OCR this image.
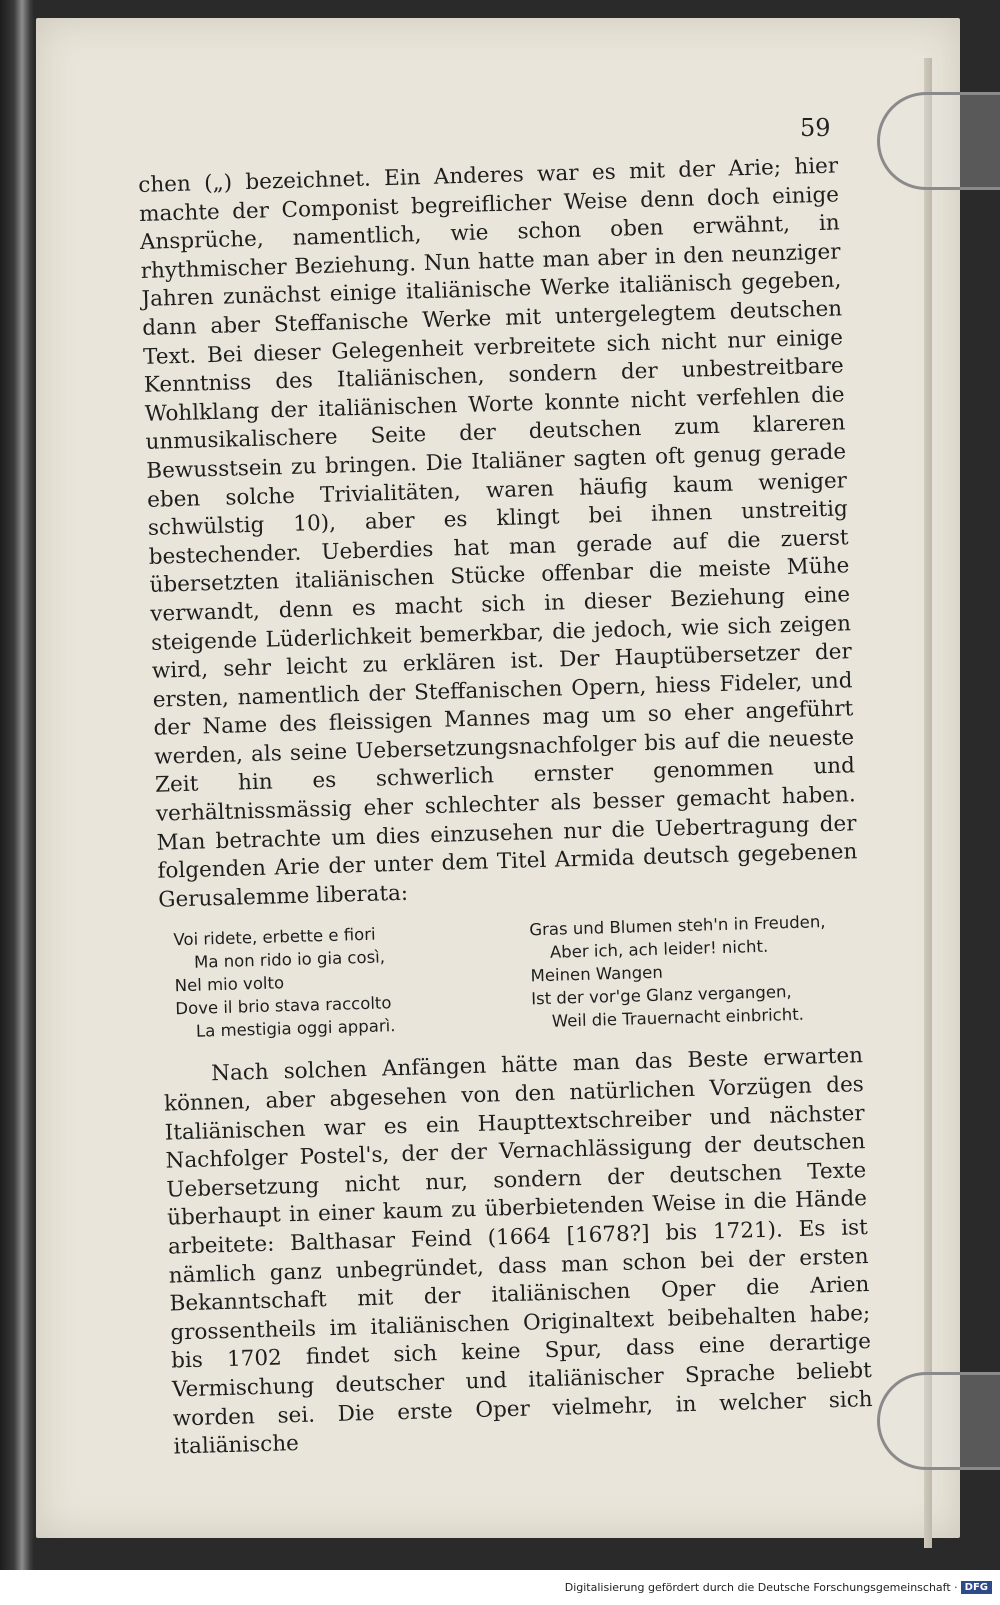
59

chen („) bezeichnet. Ein Anderes war es mit der Arie; hier machte der Componist begreiflicher Weise denn doch einige Ansprüche, namentlich, wie schon oben erwähnt, in rhythmischer Beziehung. Nun hatte man aber in den neunziger Jahren zunächst einige italiänische Werke italiänisch gegeben, dann aber Steffanische Werke mit untergelegtem deutschen Text. Bei dieser Gelegenheit verbreitete sich nicht nur einige Kenntniss des Italiänischen, sondern der unbestreitbare Wohlklang der italiänischen Worte konnte nicht verfehlen die unmusikalischere Seite der deutschen zum klareren Bewusstsein zu bringen. Die Italiäner sagten oft genug gerade eben solche Trivialitäten, waren häufig kaum weniger schwülstig 10), aber es klingt bei ihnen unstreitig bestechender. Ueberdies hat man gerade auf die zuerst übersetzten italiänischen Stücke offenbar die meiste Mühe verwandt, denn es macht sich in dieser Beziehung eine steigende Lüderlichkeit bemerkbar, die jedoch, wie sich zeigen wird, sehr leicht zu erklären ist. Der Hauptübersetzer der ersten, namentlich der Steffanischen Opern, hiess Fideler, und der Name des fleissigen Mannes mag um so eher angeführt werden, als seine Uebersetzungsnachfolger bis auf die neueste Zeit hin es schwerlich ernster genommen und verhältnissmässig eher schlechter als besser gemacht haben. Man betrachte um dies einzusehen nur die Uebertragung der folgenden Arie der unter dem Titel Armida deutsch gegebenen Gerusalemme liberata:

Voi ridete, erbette e fiori
Ma non rido io gia così,
Nel mio volto
Dove il brio stava raccolto
La mestigia oggi apparì.
Gras und Blumen steh'n in Freuden,
Aber ich, ach leider! nicht.
Meinen Wangen
Ist der vor'ge Glanz vergangen,
Weil die Trauernacht einbricht.

Nach solchen Anfängen hätte man das Beste erwarten können, aber abgesehen von den natürlichen Vorzügen des Italiänischen war es ein Haupttextschreiber und nächster Nachfolger Postel's, der der Vernachlässigung der deutschen Uebersetzung nicht nur, sondern der deutschen Texte überhaupt in einer kaum zu überbietenden Weise in die Hände arbeitete: Balthasar Feind (1664 [1678?] bis 1721). Es ist nämlich ganz unbegründet, dass man schon bei der ersten Bekanntschaft mit der italiänischen Oper die Arien grossentheils im italiänischen Originaltext beibehalten habe; bis 1702 findet sich keine Spur, dass eine derartige Vermischung deutscher und italiänischer Sprache beliebt worden sei. Die erste Oper vielmehr, in welcher sich italiänische

Digitalisierung gefördert durch die Deutsche Forschungsgemeinschaft · DFG
